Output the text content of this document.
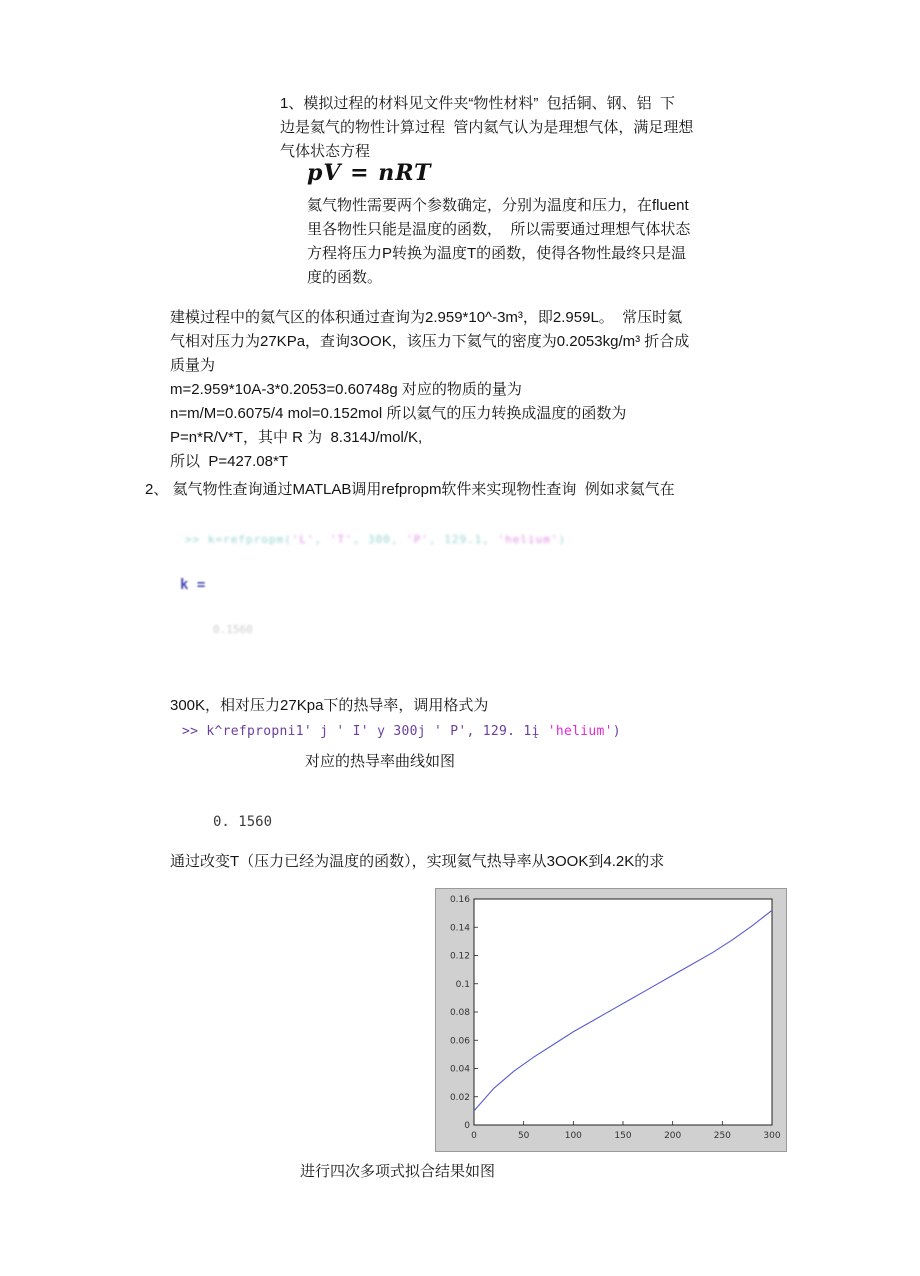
1、模拟过程的材料见文件夹“物性材料”  包括铜、钢、铝  下
边是氦气的物性计算过程  管内氦气认为是理想气体，满足理想
气体状态方程
pV = nRT
氦气物性需要两个参数确定，分别为温度和压力，在fluent
里各物性只能是温度的函数，  所以需要通过理想气体状态
方程将压力P转换为温度T的函数，使得各物性最终只是温
度的函数。
建模过程中的氦气区的体积通过查询为2.959*10^-3m³，即2.959L。  常压时氦
气相对压力为27KPa，查询3OOK，该压力下氦气的密度为0.2053kg/m³ 折合成
质量为
m=2.959*10A-3*0.2053=0.60748g 对应的物质的量为
n=m/M=0.6075/4 mol=0.152mol 所以氦气的压力转换成温度的函数为
P=n*R/V*T，其中 R 为  8.314J/mol/K,
所以  P=427.08*T
2、 氦气物性查询通过MATLAB调用refpropm软件来实现物性查询  例如求氦气在
>> k=refpropm('L', 'T', 300, 'P', 129.1, 'helium')
k =
0.1560
300K，相对压力27Kpa下的热导率，调用格式为
>> k^refpropni1' j ' I' y 300j ' P', 129. 1į 'helium')
对应的热导率曲线如图
0. 1560
通过改变T（压力已经为温度的函数），实现氦气热导率从3OOK到4.2K的求
0	50	100	150	200	250	300
0
0.02
0.04
0.06
0.08
0.1
0.12
0.14
0.16
进行四次多项式拟合结果如图
